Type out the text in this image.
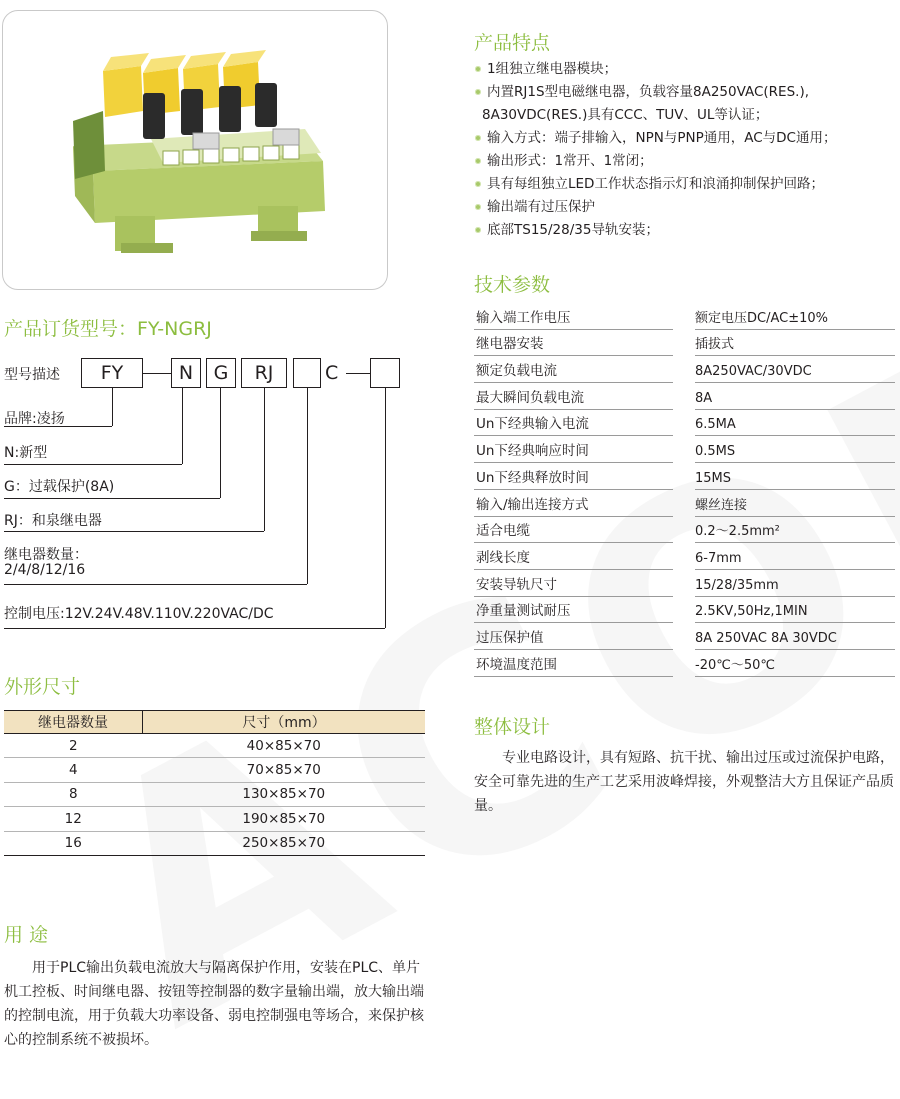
产品特点
1组独立继电器模块；
内置RJ1S型电磁继电器，负载容量8A250VAC(RES.),
8A30VDC(RES.)具有CCC、TUV、UL等认证；
输入方式：端子排输入，NPN与PNP通用，AC与DC通用；
输出形式：1常开、1常闭；
具有每组独立LED工作状态指示灯和浪涌抑制保护回路；
输出端有过压保护
底部TS15/28/35导轨安装；
技术参数
输入端工作电压	额定电压DC/AC±10%
继电器安装	插拔式
额定负载电流	8A250VAC/30VDC
最大瞬间负载电流	8A
Un下经典输入电流	6.5MA
Un下经典响应时间	0.5MS
Un下经典释放时间	15MS
输入/输出连接方式	螺丝连接
适合电缆	0.2～2.5mm²
剥线长度	6-7mm
安装导轨尺寸	15/28/35mm
净重量测试耐压	2.5KV,50Hz,1MIN
过压保护值	8A 250VAC 8A 30VDC
环境温度范围	-20℃～50℃
产品订货型号：FY-NGRJ
型号描述	FY	N	G	RJ	C
品牌:凌扬
N:新型
G：过载保护(8A)
RJ：和泉继电器
继电器数量：
2/4/8/12/16
控制电压:12V.24V.48V.110V.220VAC/DC
外形尺寸
继电器数量	尺寸（mm）
2	40×85×70
4	70×85×70
8	130×85×70
12	190×85×70
16	250×85×70
整体设计
专业电路设计，具有短路、抗干扰、输出过压或过流保护电路，安全可靠先进的生产工艺采用波峰焊接，外观整洁大方且保证产品质量。
用 途
用于PLC输出负载电流放大与隔离保护作用，安装在PLC、单片机工控板、时间继电器、按钮等控制器的数字量输出端，放大输出端的控制电流，用于负载大功率设备、弱电控制强电等场合，来保护核心的控制系统不被损坏。
